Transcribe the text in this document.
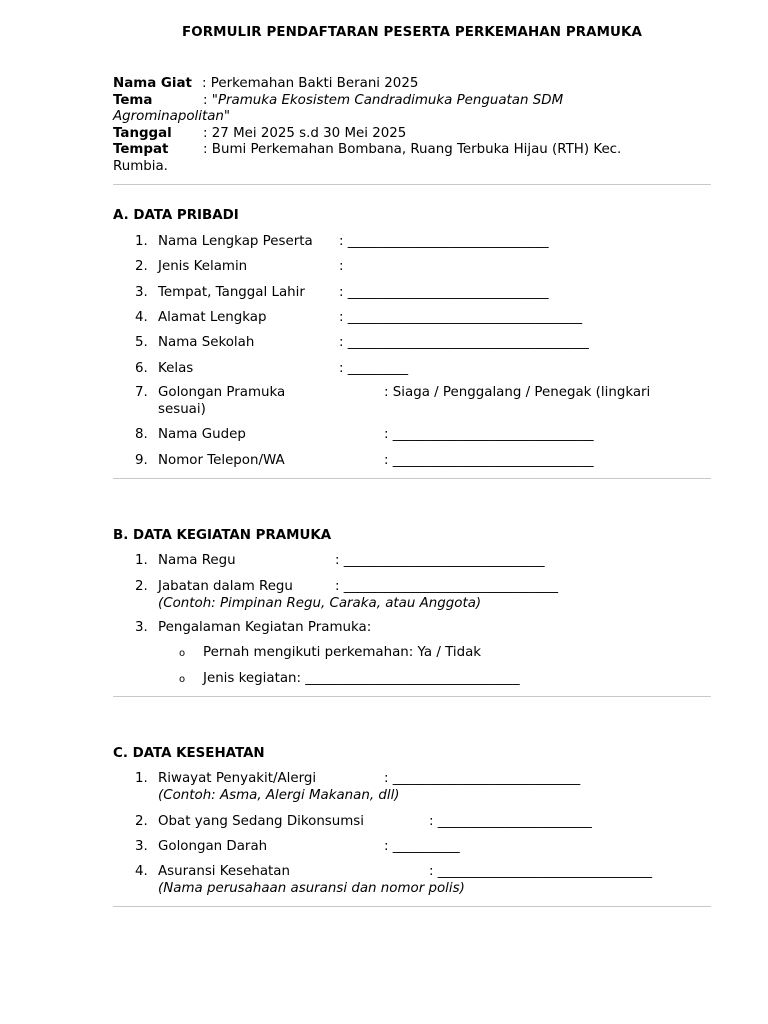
FORMULIR PENDAFTARAN PESERTA PERKEMAHAN PRAMUKA
Nama Giat : Perkemahan Bakti Berani 2025
Tema	: "Pramuka Ekosistem Candradimuka Penguatan SDM
Agrominapolitan"
Tanggal : 27 Mei 2025 s.d 30 Mei 2025
Tempat	: Bumi Perkemahan Bombana, Ruang Terbuka Hijau (RTH) Kec.
Rumbia.
A. DATA PRIBADI
1. Nama Lengkap Peserta : ______________________________
2. Jenis Kelamin	:
3. Tempat, Tanggal Lahir	: ______________________________
4. Alamat Lengkap	: ___________________________________
5. Nama Sekolah	: ____________________________________
6. Kelas	: _________
7. Golongan Pramuka	: Siaga / Penggalang / Penegak (lingkari
sesuai)
8. Nama Gudep	: ______________________________
9. Nomor Telepon/WA	: ______________________________
B. DATA KEGIATAN PRAMUKA
1. Nama Regu	: ______________________________
2. Jabatan dalam Regu	: ________________________________
(Contoh: Pimpinan Regu, Caraka, atau Anggota)
3. Pengalaman Kegiatan Pramuka:
o Pernah mengikuti perkemahan: Ya / Tidak
o Jenis kegiatan: ________________________________
C. DATA KESEHATAN
1. Riwayat Penyakit/Alergi	: ____________________________
(Contoh: Asma, Alergi Makanan, dll)
2. Obat yang Sedang Dikonsumsi	: _______________________
3. Golongan Darah	: __________
4. Asuransi Kesehatan	: ________________________________
(Nama perusahaan asuransi dan nomor polis)
